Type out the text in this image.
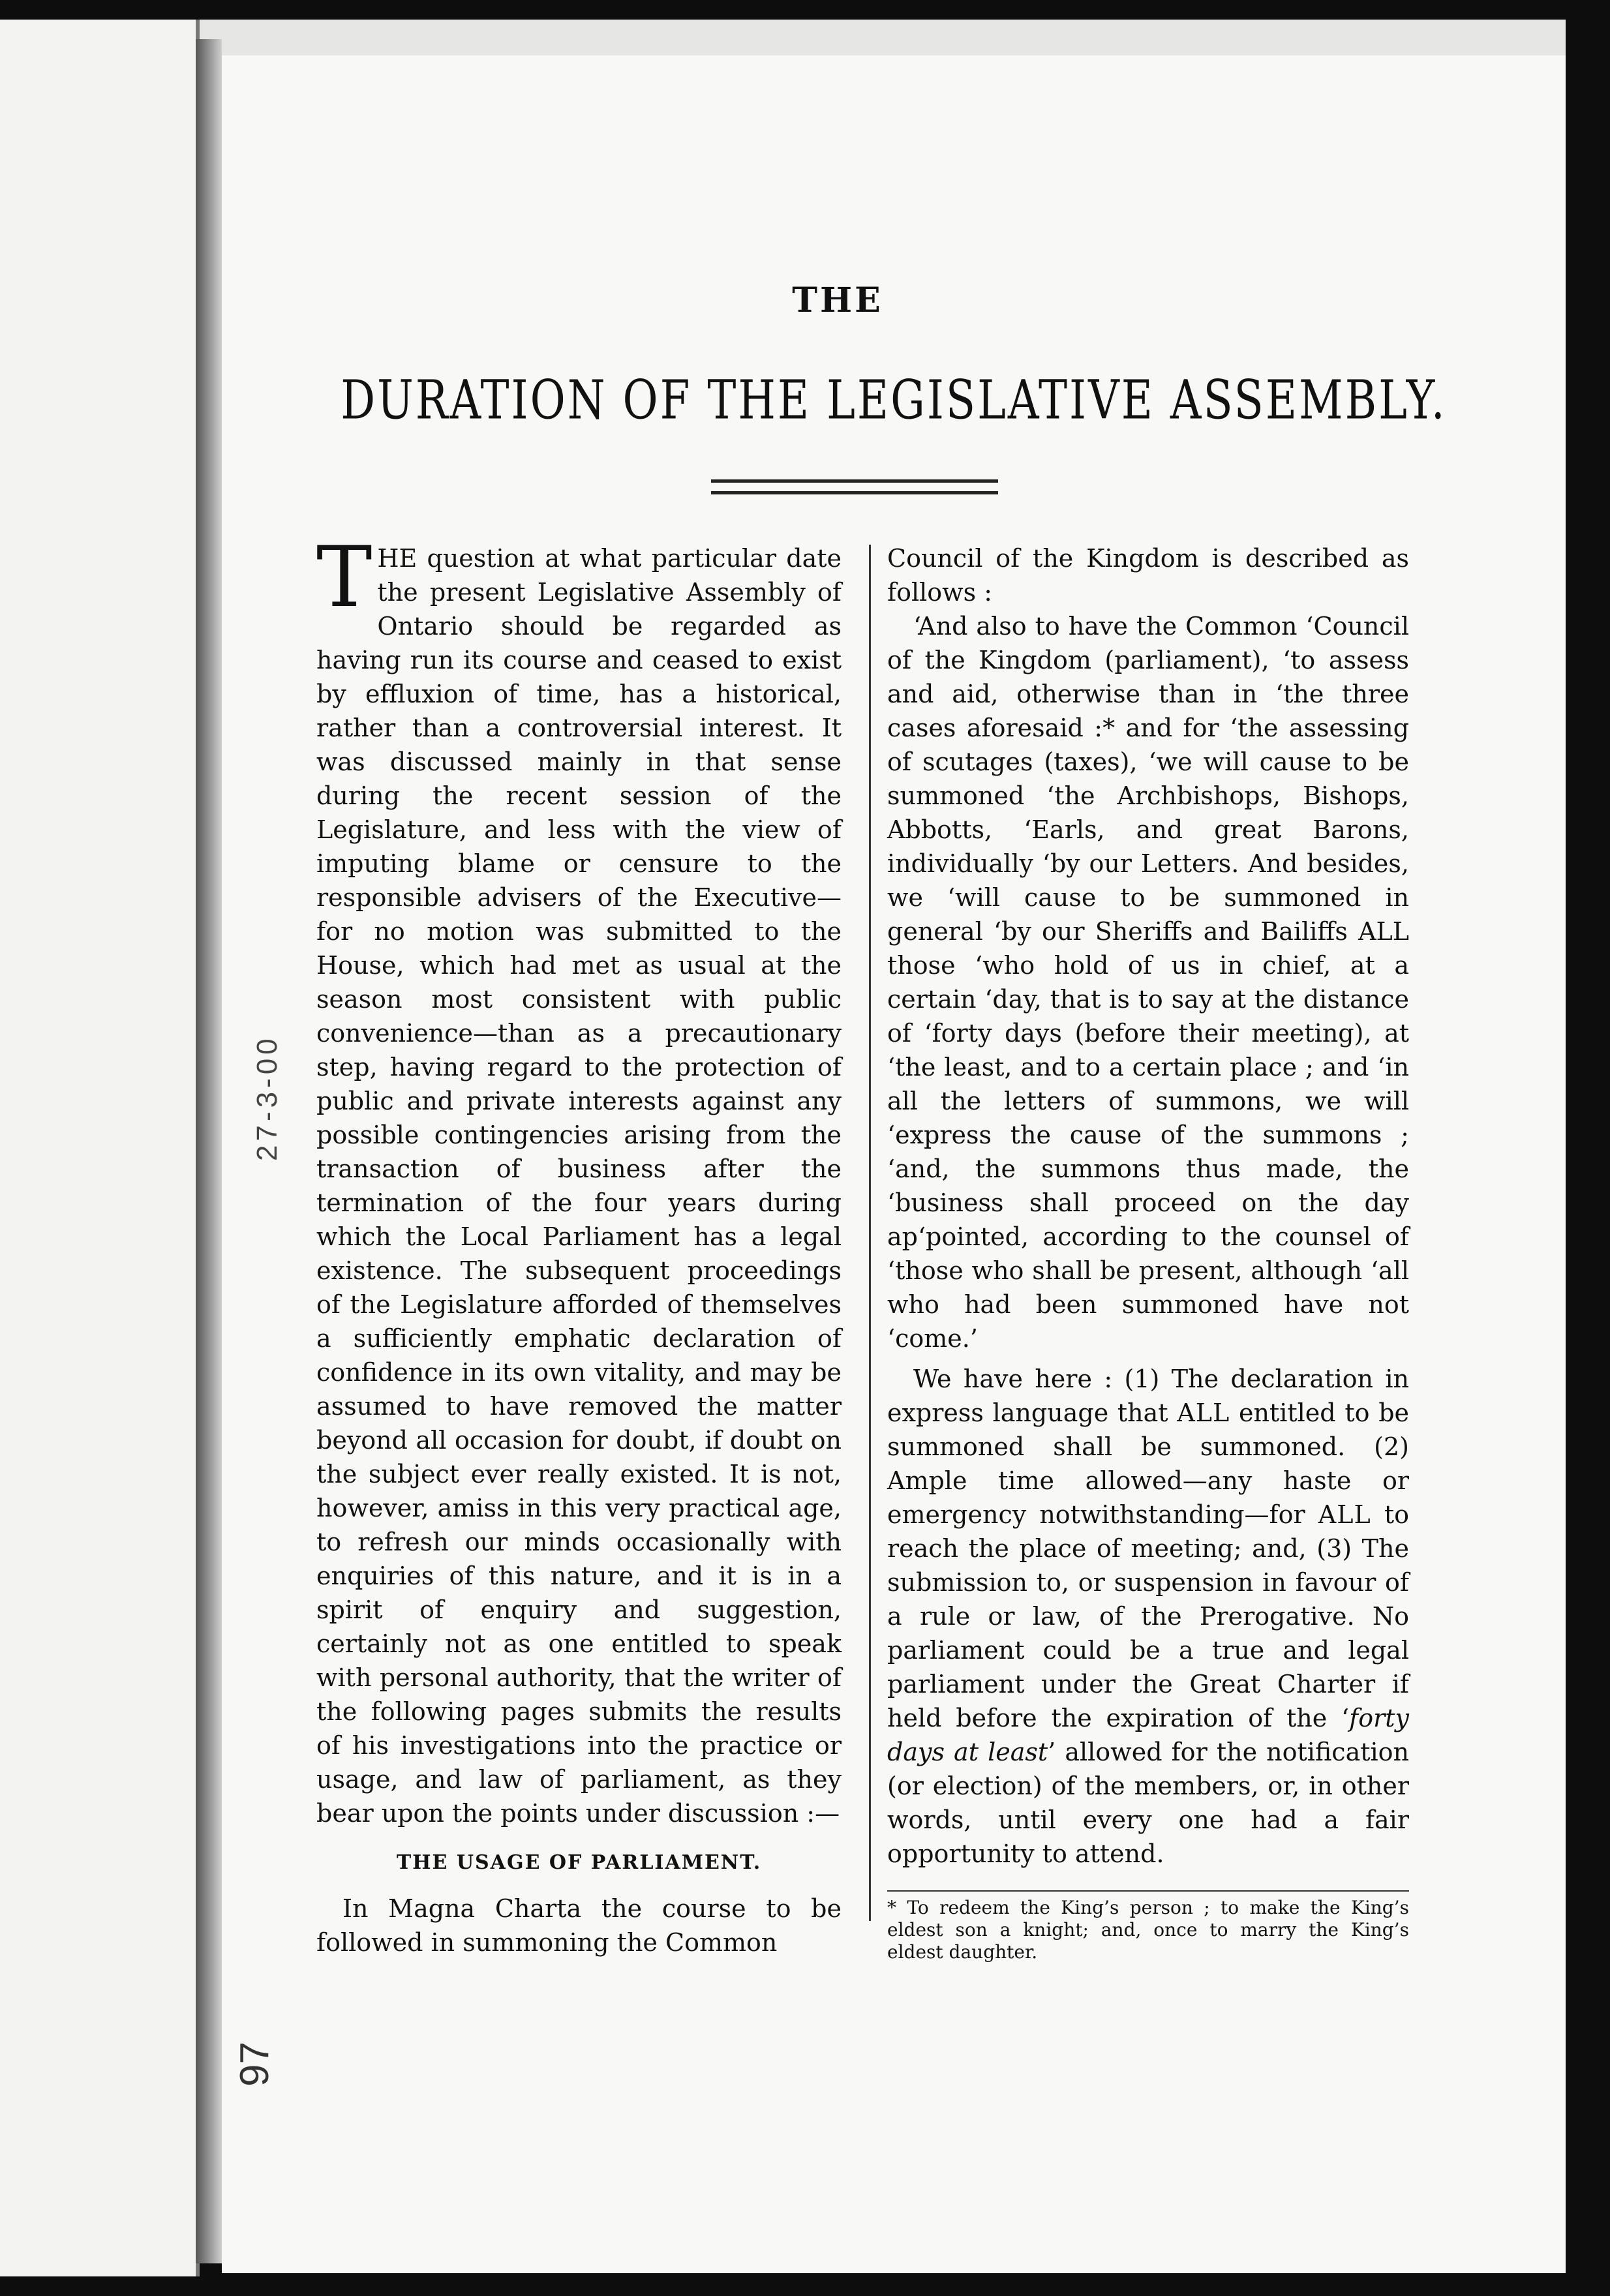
27-3-00
97
THE
DURATION OF THE LEGISLATIVE ASSEMBLY.

THE question at what particular date the present Legislative Assembly of Ontario should be regarded as having run its course and ceased to exist by effluxion of time, has a historical, rather than a controversial interest. It was discussed mainly in that sense during the recent session of the Legislature, and less with the view of imputing blame or censure to the responsible advisers of the Executive—for no motion was submitted to the House, which had met as usual at the season most consistent with public convenience—than as a precautionary step, having regard to the protection of public and private interests against any possible contingencies arising from the transaction of business after the termination of the four years during which the Local Parliament has a legal existence. The subsequent proceedings of the Legislature afforded of themselves a sufficiently emphatic declaration of confidence in its own vitality, and may be assumed to have removed the matter beyond all occasion for doubt, if doubt on the subject ever really existed. It is not, however, amiss in this very practical age, to refresh our minds occasionally with enquiries of this nature, and it is in a spirit of enquiry and suggestion, certainly not as one entitled to speak with personal authority, that the writer of the following pages submits the results of his investigations into the practice or usage, and law of parliament, as they bear upon the points under discussion :—

THE USAGE OF PARLIAMENT.

In Magna Charta the course to be followed in summoning the Common

Council of the Kingdom is described as follows :

‘And also to have the Common ‘Council of the Kingdom (parliament), ‘to assess and aid, otherwise than in ‘the three cases aforesaid :* and for ‘the assessing of scutages (taxes), ‘we will cause to be summoned ‘the Archbishops, Bishops, Abbotts, ‘Earls, and great Barons, individually ‘by our Letters. And besides, we ‘will cause to be summoned in general ‘by our Sheriffs and Bailiffs ALL those ‘who hold of us in chief, at a certain ‘day, that is to say at the distance of ‘forty days (before their meeting), at ‘the least, and to a certain place ; and ‘in all the letters of summons, we will ‘express the cause of the summons ; ‘and, the summons thus made, the ‘business shall proceed on the day ap‘pointed, according to the counsel of ‘those who shall be present, although ‘all who had been summoned have not ‘come.’

We have here : (1) The declaration in express language that ALL entitled to be summoned shall be summoned. (2) Ample time allowed—any haste or emergency notwithstanding—for ALL to reach the place of meeting; and, (3) The submission to, or suspension in favour of a rule or law, of the Prerogative. No parliament could be a true and legal parliament under the Great Charter if held before the expiration of the ‘forty days at least’ allowed for the notification (or election) of the members, or, in other words, until every one had a fair opportunity to attend.

* To redeem the King’s person ; to make the King’s eldest son a knight; and, once to marry the King’s eldest daughter.
